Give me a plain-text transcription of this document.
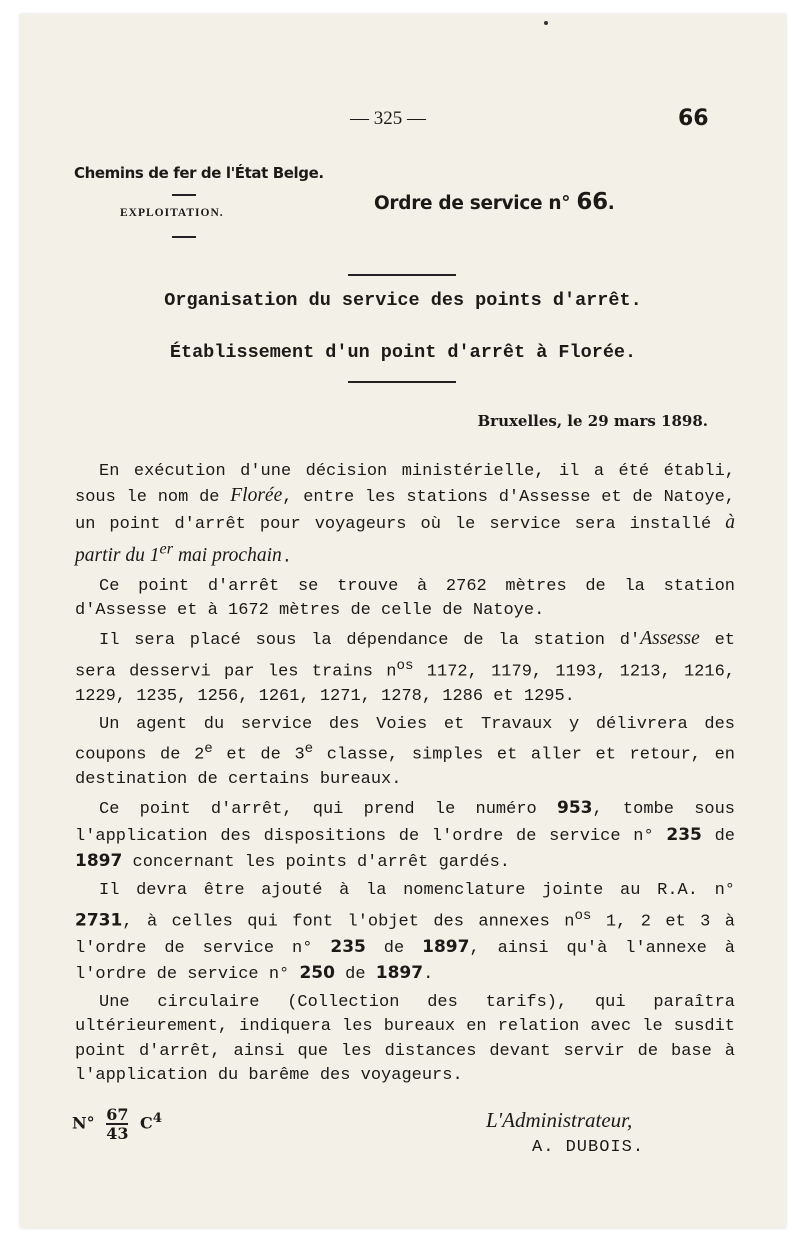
— 325 —	66
Chemins de fer de l'État Belge.
EXPLOITATION.	Ordre de service n° 66.
Organisation du service des points d'arrêt.
Établissement d'un point d'arrêt à Florée.
Bruxelles, le 29 mars 1898.

En exécution d'une décision ministérielle, il a été établi, sous le nom de Florée, entre les stations d'Assesse et de Natoye, un point d'arrêt pour voyageurs où le service sera installé à partir du 1er mai prochain.

Ce point d'arrêt se trouve à 2762 mètres de la station d'Assesse et à 1672 mètres de celle de Natoye.

Il sera placé sous la dépendance de la station d'Assesse et sera desservi par les trains $n^{os}$ 1172, 1179, 1193, 1213, 1216, 1229, 1235, 1256, 1261, 1271, 1278, 1286 et 1295.

Un agent du service des Voies et Travaux y délivrera des coupons de 2e et de 3e classe, simples et aller et retour, en destination de certains bureaux.

Ce point d'arrêt, qui prend le numéro 953, tombe sous l'application des dispositions de l'ordre de service n° 235 de 1897 concernant les points d'arrêt gardés.

Il devra être ajouté à la nomenclature jointe au R.A. n° 2731, à celles qui font l'objet des annexes $n^{os}$ 1, 2 et 3 à l'ordre de service n° 235 de 1897, ainsi qu'à l'annexe à l'ordre de service n° 250 de 1897.

Une circulaire (Collection des tarifs), qui paraîtra ultérieurement, indiquera les bureaux en relation avec le susdit point d'arrêt, ainsi que les distances devant servir de base à l'application du barême des voyageurs.

$N^\circ \frac{67}{43} C^4$	L'Administrateur,
A. DUBOIS.
